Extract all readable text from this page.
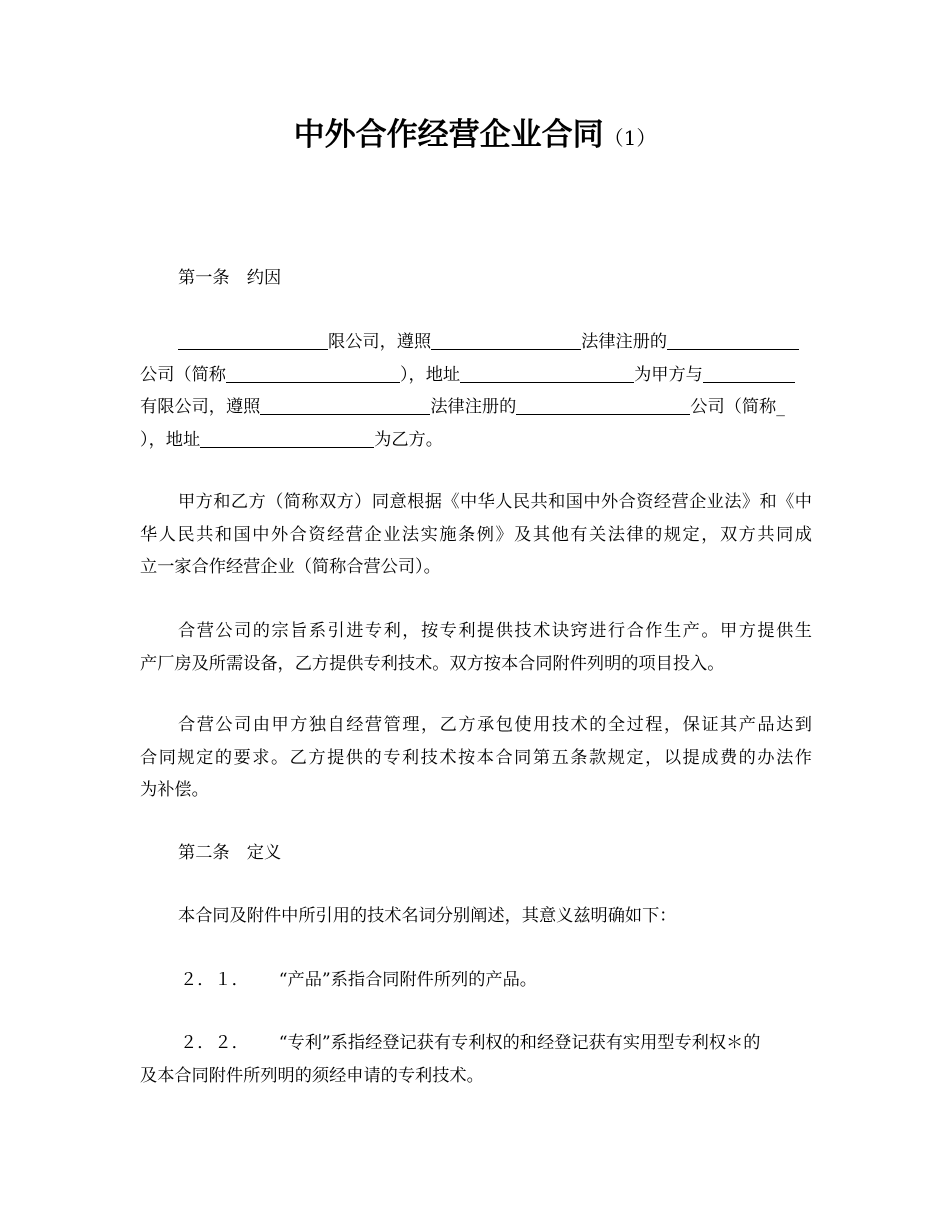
中外合作经营企业合同（1）
第一条　约因
限公司，遵照	法律注册的
公司（简称	），地址	为甲方与
有限公司，遵照	法律注册的	公司（简称_
），地址	为乙方。
甲方和乙方（简称双方）同意根据《中华人民共和国中外合资经营企业法》和《中
华人民共和国中外合资经营企业法实施条例》及其他有关法律的规定，双方共同成
立一家合作经营企业（简称合营公司）。
合营公司的宗旨系引进专利，按专利提供技术诀窍进行合作生产。甲方提供生
产厂房及所需设备，乙方提供专利技术。双方按本合同附件列明的项目投入。
合营公司由甲方独自经营管理，乙方承包使用技术的全过程，保证其产品达到
合同规定的要求。乙方提供的专利技术按本合同第五条款规定，以提成费的办法作
为补偿。
第二条　定义
本合同及附件中所引用的技术名词分别阐述，其意义兹明确如下：
２．１． “产品”系指合同附件所列的产品。
２．２． “专利”系指经登记获有专利权的和经登记获有实用型专利权＊的
及本合同附件所列明的须经申请的专利技术。
